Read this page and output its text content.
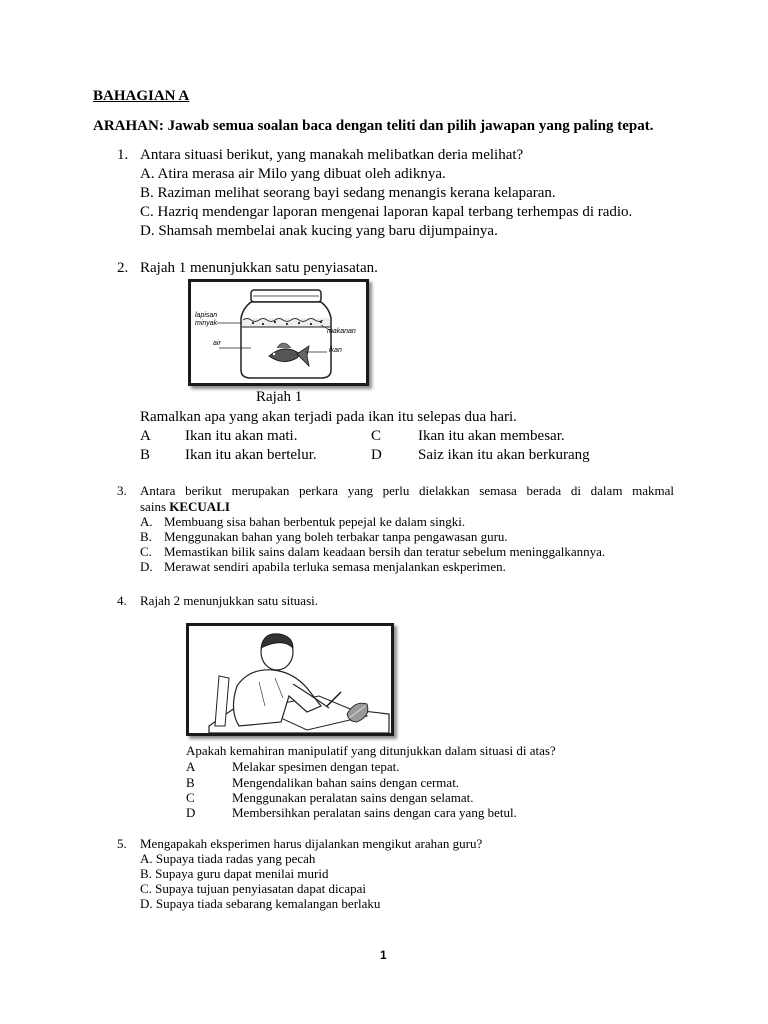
BAHAGIAN A
ARAHAN: Jawab semua soalan baca dengan teliti dan pilih jawapan yang paling tepat.
1. Antara situasi berikut, yang manakah melibatkan deria melihat?
A. Atira merasa air Milo yang dibuat oleh adiknya.
B. Raziman melihat seorang bayi sedang menangis kerana kelaparan.
C. Hazriq mendengar laporan mengenai laporan kapal terbang terhempas di radio.
D. Shamsah membelai anak kucing yang baru dijumpainya.
2. Rajah 1 menunjukkan satu penyiasatan.
lapisan
minyak
makanan
air
ikan
Rajah 1
Ramalkan apa yang akan terjadi pada ikan itu selepas dua hari.
A Ikan itu akan mati.	C Ikan itu akan membesar.
B Ikan itu akan bertelur.	D Saiz ikan itu akan berkurang
3. Antara berikut merupakan perkara yang perlu dielakkan semasa berada di dalam makmal
sains KECUALI
A. Membuang sisa bahan berbentuk pepejal ke dalam singki.
B. Menggunakan bahan yang boleh terbakar tanpa pengawasan guru.
C. Memastikan bilik sains dalam keadaan bersih dan teratur sebelum meninggalkannya.
D. Merawat sendiri apabila terluka semasa menjalankan eskperimen.
4. Rajah 2 menunjukkan satu situasi.
Apakah kemahiran manipulatif yang ditunjukkan dalam situasi di atas?
A	Melakar spesimen dengan tepat.
B	Mengendalikan bahan sains dengan cermat.
C	Menggunakan peralatan sains dengan selamat.
D	Membersihkan peralatan sains dengan cara yang betul.
5. Mengapakah eksperimen harus dijalankan mengikut arahan guru?
A. Supaya tiada radas yang pecah
B. Supaya guru dapat menilai murid
C. Supaya tujuan penyiasatan dapat dicapai
D. Supaya tiada sebarang kemalangan berlaku
1
